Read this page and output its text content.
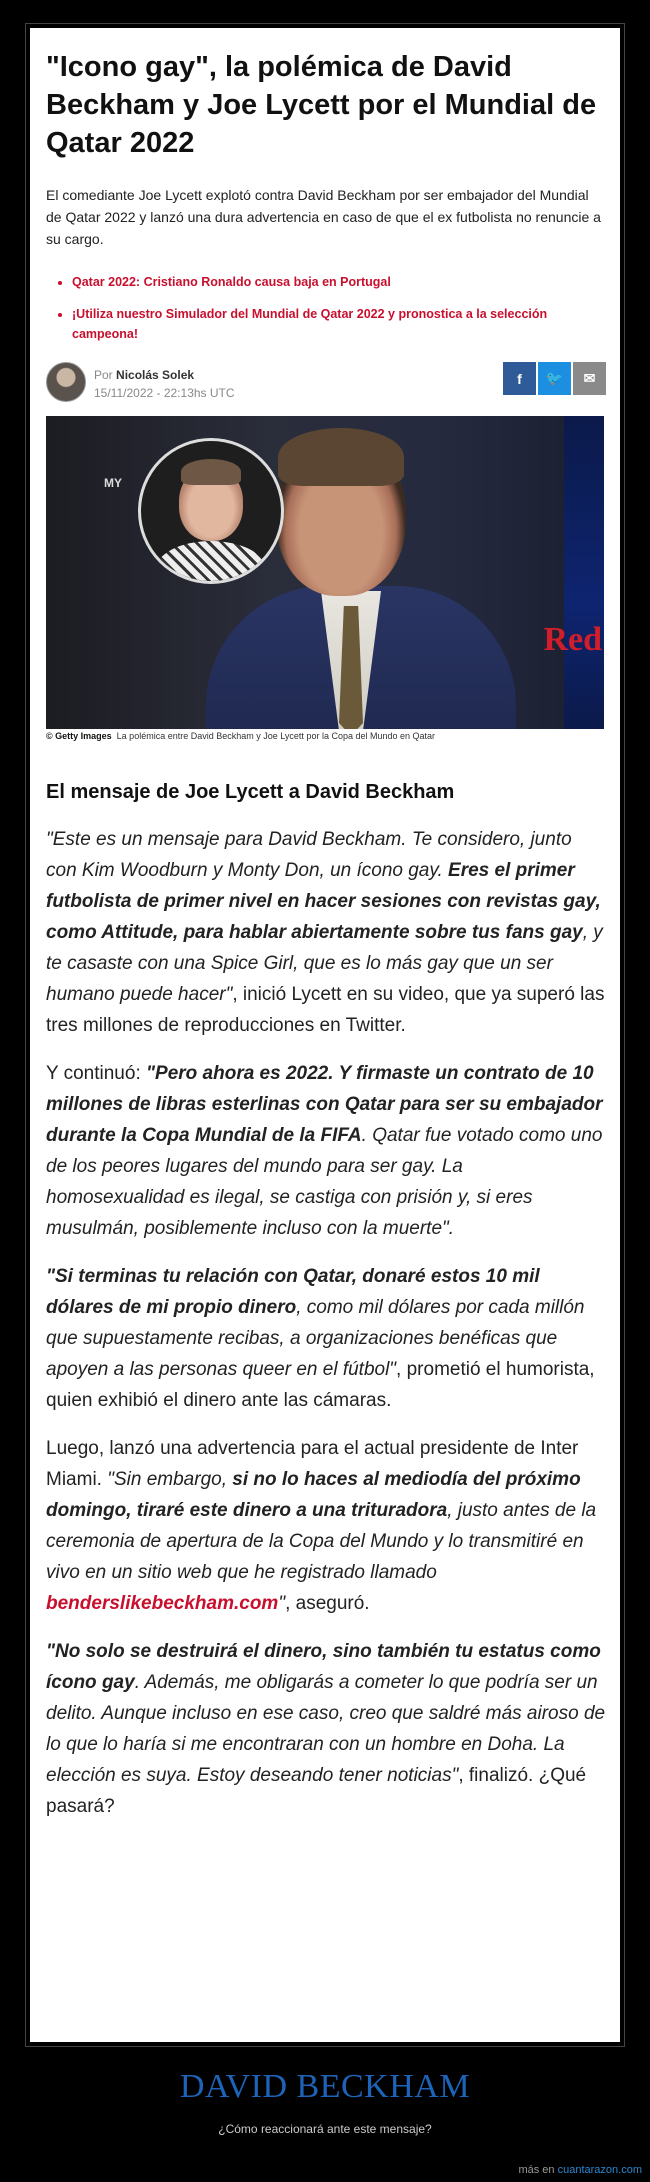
"Icono gay", la polémica de David Beckham y Joe Lycett por el Mundial de Qatar 2022

El comediante Joe Lycett explotó contra David Beckham por ser embajador del Mundial de Qatar 2022 y lanzó una dura advertencia en caso de que el ex futbolista no renuncie a su cargo.

• Qatar 2022: Cristiano Ronaldo causa baja en Portugal
• ¡Utiliza nuestro Simulador del Mundial de Qatar 2022 y pronostica a la selección campeona!
Por Nicolás Solek
15/11/2022 - 22:13hs UTC
f	🐦	✉
Red
MY
© Getty Images La polémica entre David Beckham y Joe Lycett por la Copa del Mundo en Qatar
El mensaje de Joe Lycett a David Beckham

"Este es un mensaje para David Beckham. Te considero, junto con Kim Woodburn y Monty Don, un ícono gay. Eres el primer futbolista de primer nivel en hacer sesiones con revistas gay, como Attitude, para hablar abiertamente sobre tus fans gay, y te casaste con una Spice Girl, que es lo más gay que un ser humano puede hacer", inició Lycett en su video, que ya superó las tres millones de reproducciones en Twitter.

Y continuó: "Pero ahora es 2022. Y firmaste un contrato de 10 millones de libras esterlinas con Qatar para ser su embajador durante la Copa Mundial de la FIFA. Qatar fue votado como uno de los peores lugares del mundo para ser gay. La homosexualidad es ilegal, se castiga con prisión y, si eres musulmán, posiblemente incluso con la muerte".

"Si terminas tu relación con Qatar, donaré estos 10 mil dólares de mi propio dinero, como mil dólares por cada millón que supuestamente recibas, a organizaciones benéficas que apoyen a las personas queer en el fútbol", prometió el humorista, quien exhibió el dinero ante las cámaras.

Luego, lanzó una advertencia para el actual presidente de Inter Miami. "Sin embargo, si no lo haces al mediodía del próximo domingo, tiraré este dinero a una trituradora, justo antes de la ceremonia de apertura de la Copa del Mundo y lo transmitiré en vivo en un sitio web que he registrado llamado benderslikebeckham.com", aseguró.

"No solo se destruirá el dinero, sino también tu estatus como ícono gay. Además, me obligarás a cometer lo que podría ser un delito. Aunque incluso en ese caso, creo que saldré más airoso de lo que lo haría si me encontraran con un hombre en Doha. La elección es suya. Estoy deseando tener noticias", finalizó. ¿Qué pasará?

DAVID BECKHAM
¿Cómo reaccionará ante este mensaje?
más en cuantarazon.com
